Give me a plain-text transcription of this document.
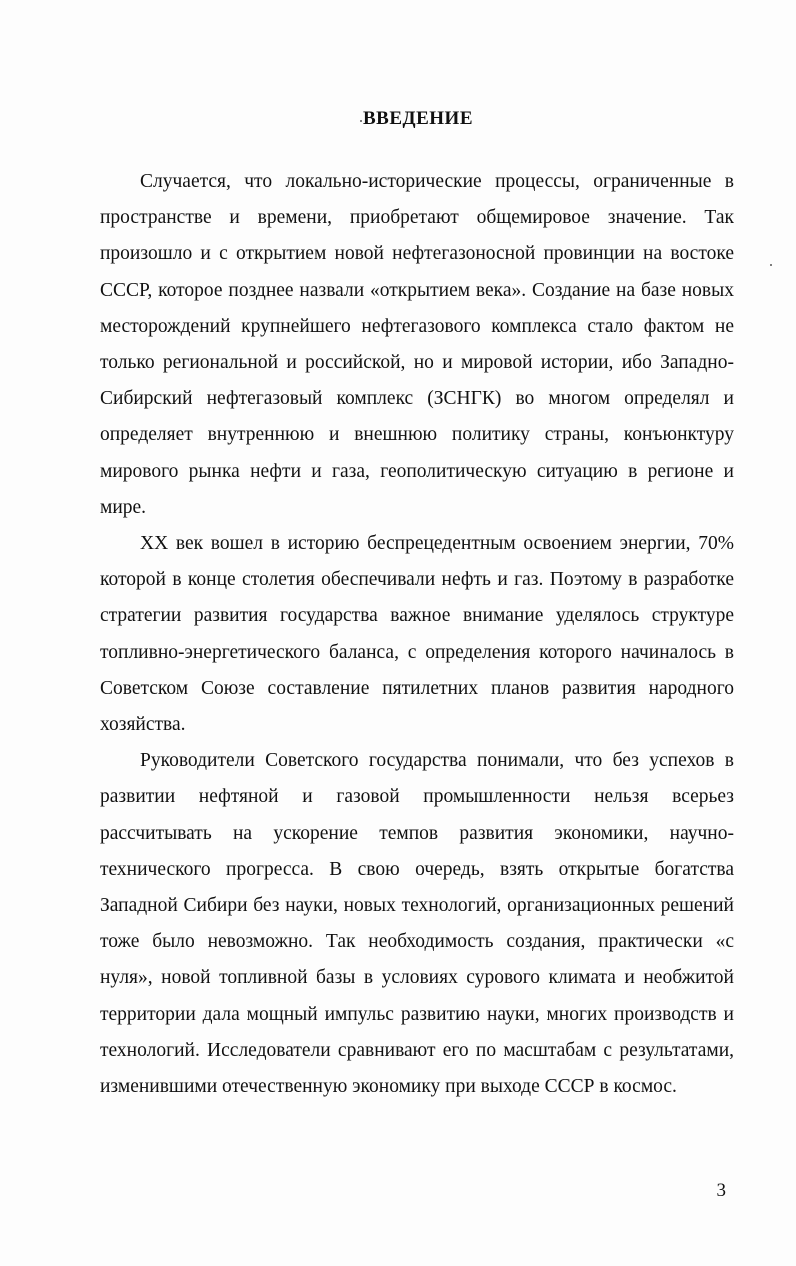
ВВЕДЕНИЕ

Случается, что локально-исторические процессы, ограниченные в пространстве и времени, приобретают общемировое значение. Так произошло и с открытием новой нефтегазоносной провинции на востоке СССР, которое позднее назвали «открытием века». Создание на базе новых месторождений крупнейшего нефтегазового комплекса стало фактом не только региональной и российской, но и мировой истории, ибо Западно-Сибирский нефтегазовый комплекс (ЗСНГК) во многом определял и определяет внутреннюю и внешнюю политику страны, конъюнктуру мирового рынка нефти и газа, геополитическую ситуацию в регионе и мире.

XX век вошел в историю беспрецедентным освоением энергии, 70% которой в конце столетия обеспечивали нефть и газ. Поэтому в разработке стратегии развития государства важное внимание уделялось структуре топливно-энергетического баланса, с определения которого начиналось в Советском Союзе составление пятилетних планов развития народного хозяйства.

Руководители Советского государства понимали, что без успехов в развитии нефтяной и газовой промышленности нельзя всерьез рассчитывать на ускорение темпов развития экономики, научно-технического прогресса. В свою очередь, взять открытые богатства Западной Сибири без науки, новых технологий, организационных решений тоже было невозможно. Так необходимость создания, практически «с нуля», новой топливной базы в условиях сурового климата и необжитой территории дала мощный импульс развитию науки, многих производств и технологий. Исследователи сравнивают его по масштабам с результатами, изменившими отечественную экономику при выходе СССР в космос.

3
